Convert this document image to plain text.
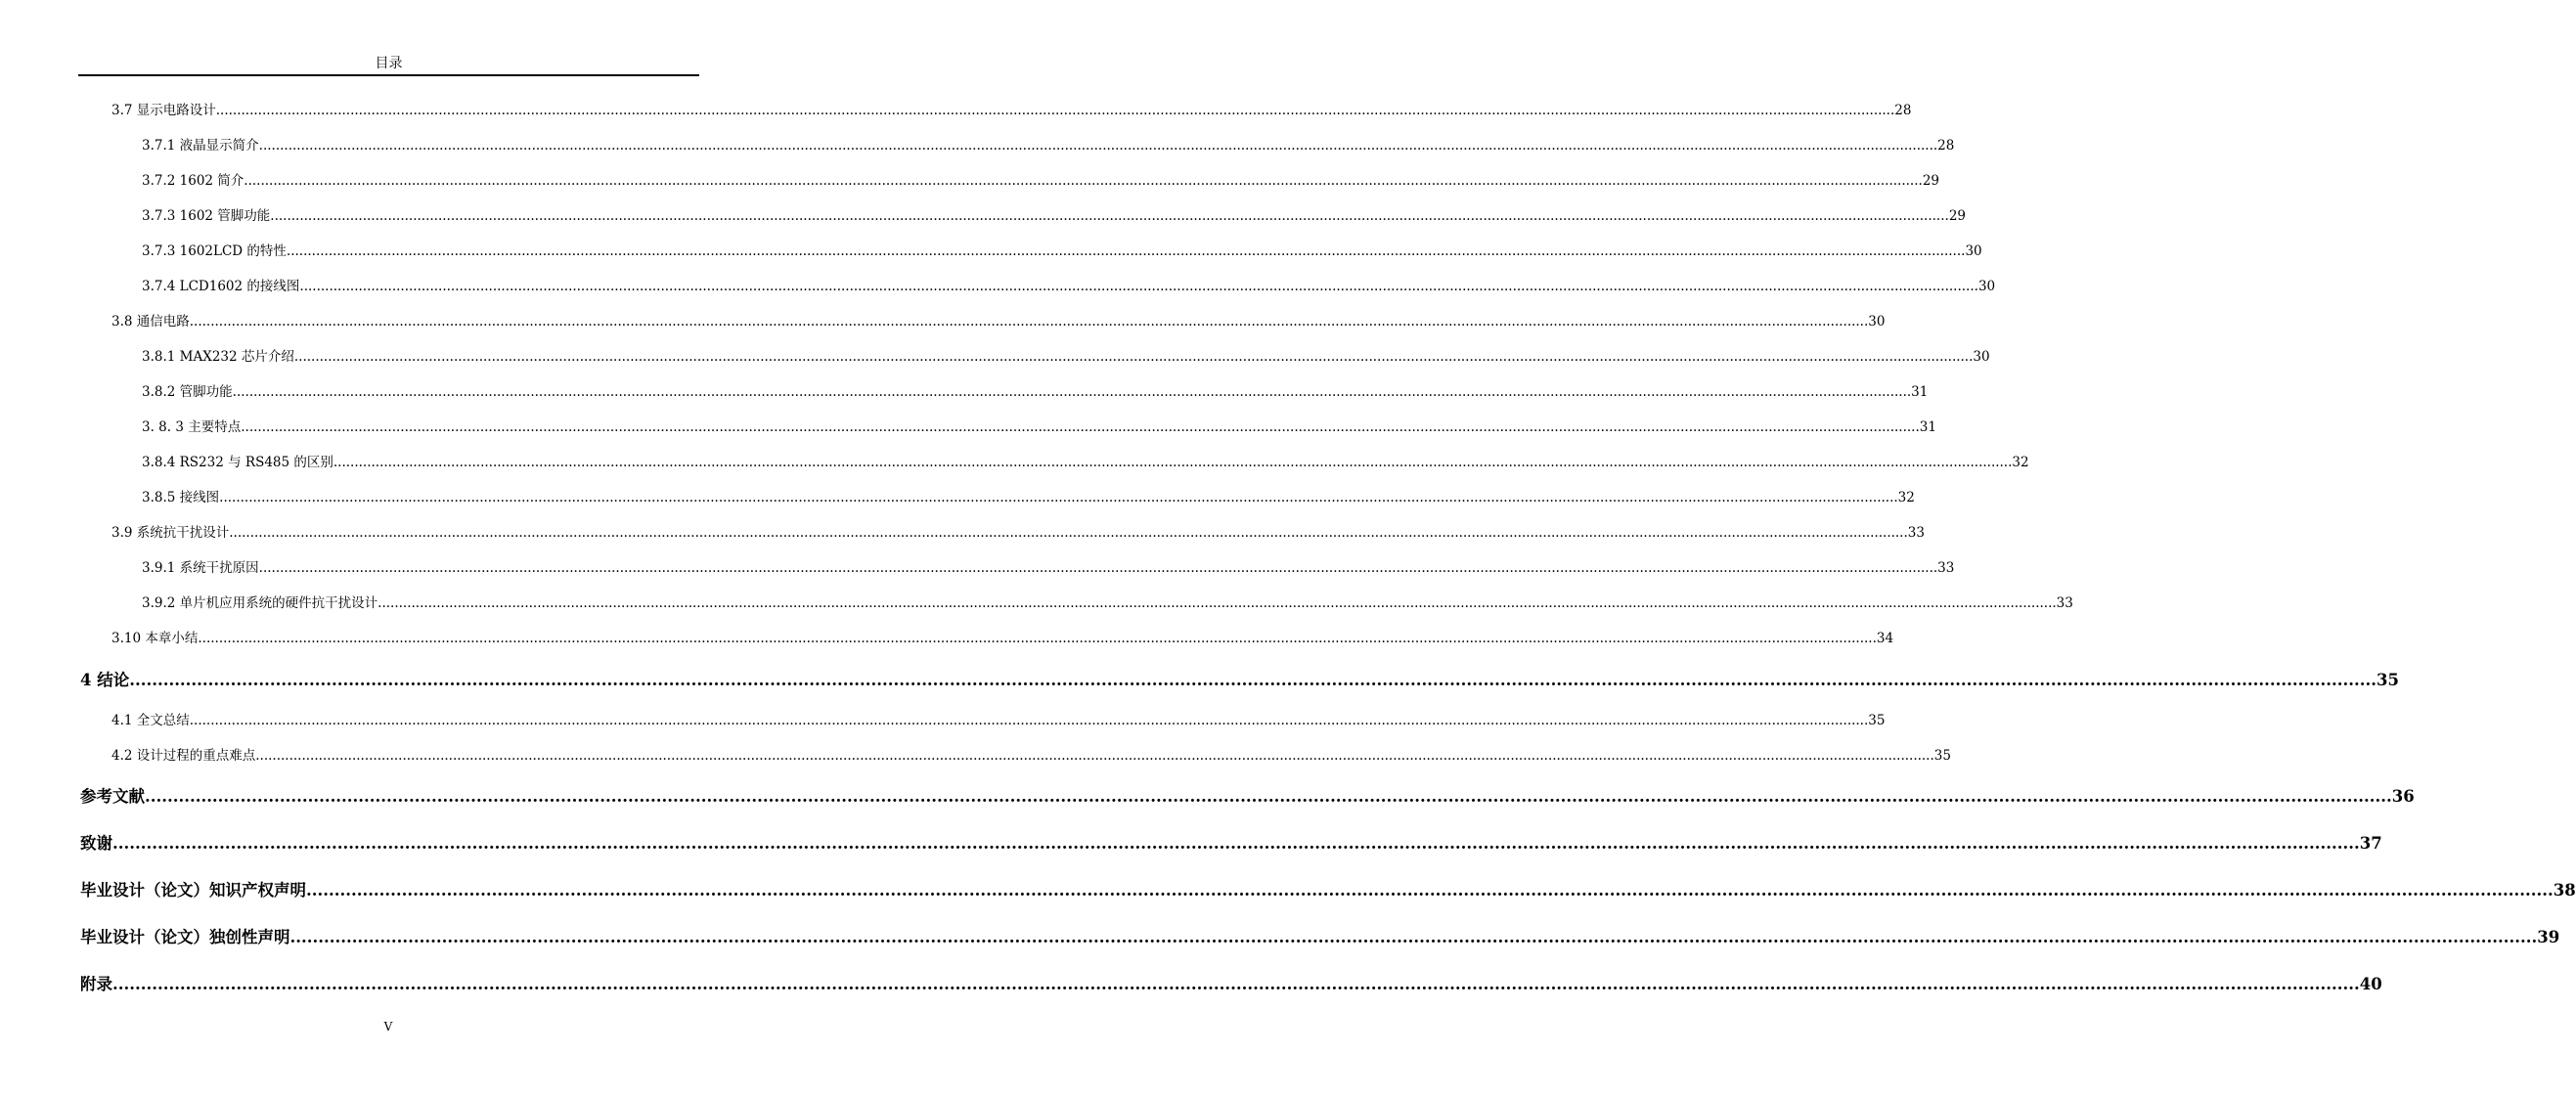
目录
3.7 显示电路设计 ................................................................................................................................................................................................................................................................................................................................................................................................................ 28
3.7.1 液晶显示简介 ................................................................................................................................................................................................................................................................................................................................................................................................................ 28
3.7.2 1602 简介 ................................................................................................................................................................................................................................................................................................................................................................................................................ 29
3.7.3 1602 管脚功能 ................................................................................................................................................................................................................................................................................................................................................................................................................ 29
3.7.3 1602LCD 的特性 ................................................................................................................................................................................................................................................................................................................................................................................................................ 30
3.7.4 LCD1602 的接线图 ................................................................................................................................................................................................................................................................................................................................................................................................................ 30
3.8 通信电路 ................................................................................................................................................................................................................................................................................................................................................................................................................ 30
3.8.1 MAX232 芯片介绍 ................................................................................................................................................................................................................................................................................................................................................................................................................ 30
3.8.2 管脚功能 ................................................................................................................................................................................................................................................................................................................................................................................................................ 31
3. 8. 3 主要特点 ................................................................................................................................................................................................................................................................................................................................................................................................................ 31
3.8.4 RS232 与 RS485 的区别 ................................................................................................................................................................................................................................................................................................................................................................................................................ 32
3.8.5 接线图 ................................................................................................................................................................................................................................................................................................................................................................................................................ 32
3.9 系统抗干扰设计 ................................................................................................................................................................................................................................................................................................................................................................................................................ 33
3.9.1 系统干扰原因 ................................................................................................................................................................................................................................................................................................................................................................................................................ 33
3.9.2 单片机应用系统的硬件抗干扰设计 ................................................................................................................................................................................................................................................................................................................................................................................................................ 33
3.10 本章小结 ................................................................................................................................................................................................................................................................................................................................................................................................................ 34
4 结论 ................................................................................................................................................................................................................................................................................................................................................................................................................ 35
4.1 全文总结 ................................................................................................................................................................................................................................................................................................................................................................................................................ 35
4.2 设计过程的重点难点 ................................................................................................................................................................................................................................................................................................................................................................................................................ 35
参考文献 ................................................................................................................................................................................................................................................................................................................................................................................................................ 36
致谢 ................................................................................................................................................................................................................................................................................................................................................................................................................ 37
毕业设计（论文）知识产权声明 ................................................................................................................................................................................................................................................................................................................................................................................................................ 38
毕业设计（论文）独创性声明 ................................................................................................................................................................................................................................................................................................................................................................................................................ 39
附录 ................................................................................................................................................................................................................................................................................................................................................................................................................ 40
V
